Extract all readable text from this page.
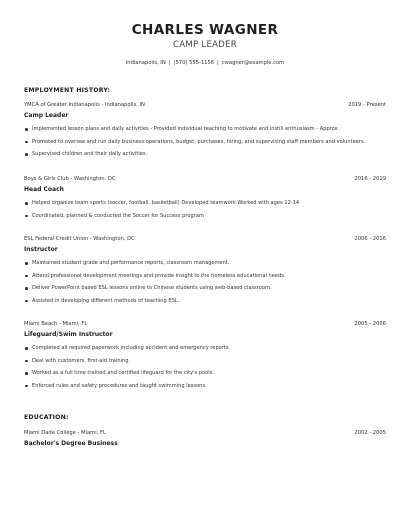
CHARLES WAGNER
CAMP LEADER
Indianapolis, IN | (570) 555-1156 | cwagner@example.com
EMPLOYMENT HISTORY:
YMCA of Greater Indianapolis - Indianapolis, IN	2019 - Present
Camp Leader
Implemented lesson plans and daily activities - Provided individual teaching to motivate and instill enthusiasm - Approx.
Promoted to oversee and run daily business operations, budget, purchases, hiring, and supervising staff members and volunteers.
Supervised children and their daily activities.
Boys & Girls Club - Washington, DC	2016 - 2019
Head Coach
Helped organize team sports (soccer, football, basketball) Developed teamwork Worked with ages 12-14
Coordinated, planned & conducted the Soccer for Success program
ESL Federal Credit Union - Washington, DC	2006 - 2016
Instructor
Maintained student grade and performance reports, classroom management.
Attend professional development meetings and provide insight to the homeless educational needs.
Deliver PowerPoint based ESL lessons online to Chinese students using web-based classroom.
Assisted in developing different methods of teaching ESL.
Miami Beach - Miami, FL	2005 - 2006
Lifeguard/Swim Instructor
Completed all required paperwork including accident and emergency reports.
Deal with customers, first-aid training.
Worked as a full time trained and certified lifeguard for the city's pools.
Enforced rules and safety procedures and taught swimming lessons.
EDUCATION:
Miami Dade College - Miami, FL	2002 - 2005
Bachelor's Degree Business
